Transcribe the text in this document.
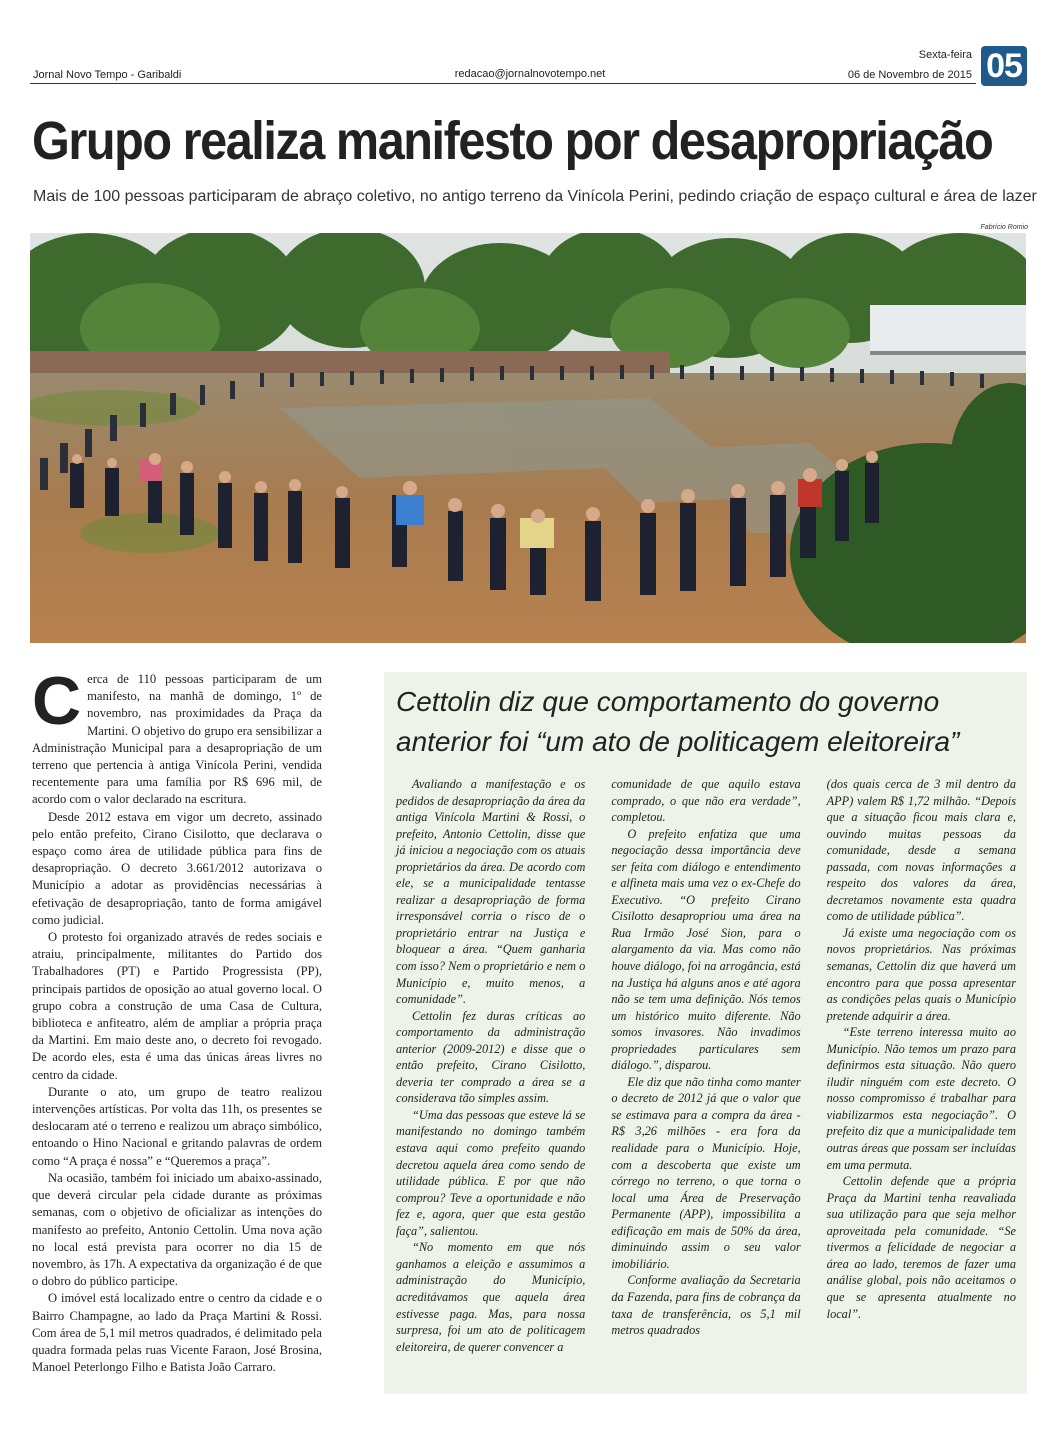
Jornal Novo Tempo - Garibaldi	redacao@jornalnovotempo.net
Sexta-feira
06 de Novembro de 2015 05
Grupo realiza manifesto por desapropriação
Mais de 100 pessoas participaram de abraço coletivo, no antigo terreno da Vinícola Perini, pedindo criação de espaço cultural e área de lazer
Fabrício Romio

Cerca de 110 pessoas participaram de um manifesto, na manhã de domingo, 1º de novembro, nas proximidades da Praça da Martini. O objetivo do grupo era sensibilizar a Administração Municipal para a desapropriação de um terreno que pertencia à antiga Vinícola Perini, vendida recentemente para uma família por R$ 696 mil, de acordo com o valor declarado na escritura.

Desde 2012 estava em vigor um decreto, assinado pelo então prefeito, Cirano Cisilotto, que declarava o espaço como área de utilidade pública para fins de desapropriação. O decreto 3.661/2012 autorizava o Município a adotar as providências necessárias à efetivação de desapropriação, tanto de forma amigável como judicial.

O protesto foi organizado através de redes sociais e atraiu, principalmente, militantes do Partido dos Trabalhadores (PT) e Partido Progressista (PP), principais partidos de oposição ao atual governo local. O grupo cobra a construção de uma Casa de Cultura, biblioteca e anfiteatro, além de ampliar a própria praça da Martini. Em maio deste ano, o decreto foi revogado. De acordo eles, esta é uma das únicas áreas livres no centro da cidade.

Durante o ato, um grupo de teatro realizou intervenções artísticas. Por volta das 11h, os presentes se deslocaram até o terreno e realizou um abraço simbólico, entoando o Hino Nacional e gritando palavras de ordem como “A praça é nossa” e “Queremos a praça”.

Na ocasião, também foi iniciado um abaixo-assinado, que deverá circular pela cidade durante as próximas semanas, com o objetivo de oficializar as intenções do manifesto ao prefeito, Antonio Cettolin. Uma nova ação no local está prevista para ocorrer no dia 15 de novembro, às 17h. A expectativa da organização é de que o dobro do público participe.

O imóvel está localizado entre o centro da cidade e o Bairro Champagne, ao lado da Praça Martini & Rossi. Com área de 5,1 mil metros quadrados, é delimitado pela quadra formada pelas ruas Vicente Faraon, José Brosina, Manoel Peterlongo Filho e Batista João Carraro.

Cettolin diz que comportamento do governo anterior foi “um ato de politicagem eleitoreira”

Avaliando a manifestação e os pedidos de desapropriação da área da antiga Vinícola Martini & Rossi, o prefeito, Antonio Cettolin, disse que já iniciou a negociação com os atuais proprietários da área. De acordo com ele, se a municipalidade tentasse realizar a desapropriação de forma irresponsável corria o risco de o proprietário entrar na Justiça e bloquear a área. “Quem ganharia com isso? Nem o proprietário e nem o Município e, muito menos, a comunidade”.

Cettolin fez duras críticas ao comportamento da administração anterior (2009-2012) e disse que o então prefeito, Cirano Cisilotto, deveria ter comprado a área se a considerava tão simples assim.

“Uma das pessoas que esteve lá se manifestando no domingo também estava aqui como prefeito quando decretou aquela área como sendo de utilidade pública. E por que não comprou? Teve a oportunidade e não fez e, agora, quer que esta gestão faça”, salientou.

“No momento em que nós ganhamos a eleição e assumimos a administração do Município, acreditávamos que aquela área estivesse paga. Mas, para nossa surpresa, foi um ato de politicagem eleitoreira, de querer convencer a

comunidade de que aquilo estava comprado, o que não era verdade”, completou.

O prefeito enfatiza que uma negociação dessa importância deve ser feita com diálogo e entendimento e alfineta mais uma vez o ex-Chefe do Executivo. “O prefeito Cirano Cisilotto desapropriou uma área na Rua Irmão José Sion, para o alargamento da via. Mas como não houve diálogo, foi na arrogância, está na Justiça há alguns anos e até agora não se tem uma definição. Nós temos um histórico muito diferente. Não somos invasores. Não invadimos propriedades particulares sem diálogo.”, disparou.

Ele diz que não tinha como manter o decreto de 2012 já que o valor que se estimava para a compra da área - R$ 3,26 milhões - era fora da realidade para o Município. Hoje, com a descoberta que existe um córrego no terreno, o que torna o local uma Área de Preservação Permanente (APP), impossibilita a edificação em mais de 50% da área, diminuindo assim o seu valor imobiliário.

Conforme avaliação da Secretaria da Fazenda, para fins de cobrança da taxa de transferência, os 5,1 mil metros quadrados

(dos quais cerca de 3 mil dentro da APP) valem R$ 1,72 milhão. “Depois que a situação ficou mais clara e, ouvindo muitas pessoas da comunidade, desde a semana passada, com novas informações a respeito dos valores da área, decretamos novamente esta quadra como de utilidade pública”.

Já existe uma negociação com os novos proprietários. Nas próximas semanas, Cettolin diz que haverá um encontro para que possa apresentar as condições pelas quais o Município pretende adquirir a área.

“Este terreno interessa muito ao Município. Não temos um prazo para definirmos esta situação. Não quero iludir ninguém com este decreto. O nosso compromisso é trabalhar para viabilizarmos esta negociação”. O prefeito diz que a municipalidade tem outras áreas que possam ser incluídas em uma permuta.

Cettolin defende que a própria Praça da Martini tenha reavaliada sua utilização para que seja melhor aproveitada pela comunidade. “Se tivermos a felicidade de negociar a área ao lado, teremos de fazer uma análise global, pois não aceitamos o que se apresenta atualmente no local”.
